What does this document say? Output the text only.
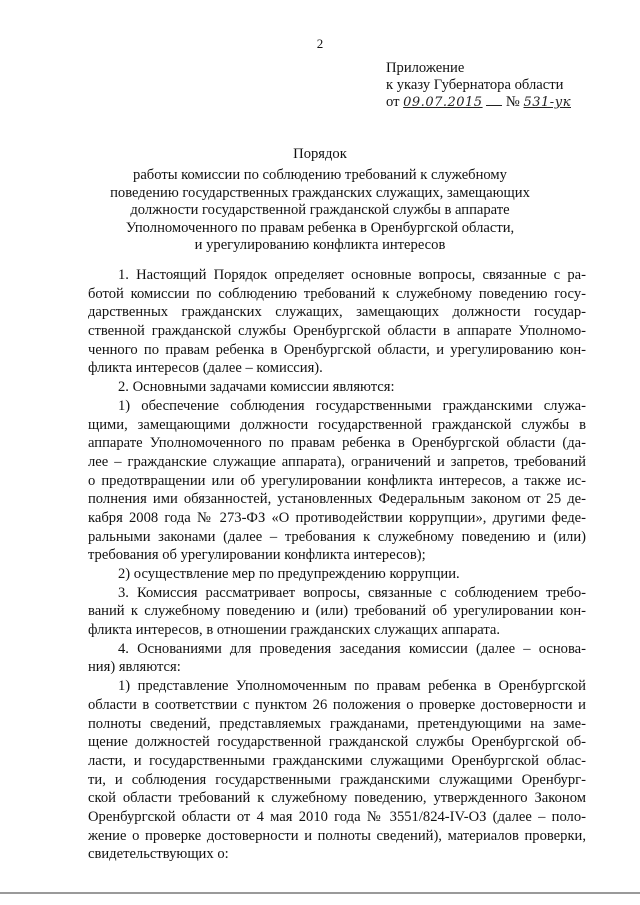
2
Приложение
к указу Губернатора области
от 09.07.2015 № 531-ук
Порядок
работы комиссии по соблюдению требований к служебному
поведению государственных гражданских служащих, замещающих
должности государственной гражданской службы в аппарате
Уполномоченного по правам ребенка в Оренбургской области,
и урегулированию конфликта интересов
1. Настоящий Порядок определяет основные вопросы, связанные с ра-
ботой комиссии по соблюдению требований к служебному поведению госу-
дарственных гражданских служащих, замещающих должности государ-
ственной гражданской службы Оренбургской области в аппарате Уполномо-
ченного по правам ребенка в Оренбургской области, и урегулированию кон-
фликта интересов (далее – комиссия).
2. Основными задачами комиссии являются:
1) обеспечение соблюдения государственными гражданскими служа-
щими, замещающими должности государственной гражданской службы в
аппарате Уполномоченного по правам ребенка в Оренбургской области (да-
лее – гражданские служащие аппарата), ограничений и запретов, требований
о предотвращении или об урегулировании конфликта интересов, а также ис-
полнения ими обязанностей, установленных Федеральным законом от 25 де-
кабря 2008 года № 273-ФЗ «О противодействии коррупции», другими феде-
ральными законами (далее – требования к служебному поведению и (или)
требования об урегулировании конфликта интересов);
2) осуществление мер по предупреждению коррупции.
3. Комиссия рассматривает вопросы, связанные с соблюдением требо-
ваний к служебному поведению и (или) требований об урегулировании кон-
фликта интересов, в отношении гражданских служащих аппарата.
4. Основаниями для проведения заседания комиссии (далее – основа-
ния) являются:
1) представление Уполномоченным по правам ребенка в Оренбургской
области в соответствии с пунктом 26 положения о проверке достоверности и
полноты сведений, представляемых гражданами, претендующими на заме-
щение должностей государственной гражданской службы Оренбургской об-
ласти, и государственными гражданскими служащими Оренбургской облас-
ти, и соблюдения государственными гражданскими служащими Оренбург-
ской области требований к служебному поведению, утвержденного Законом
Оренбургской области от 4 мая 2010 года № 3551/824-IV-ОЗ (далее – поло-
жение о проверке достоверности и полноты сведений), материалов проверки,
свидетельствующих о:
